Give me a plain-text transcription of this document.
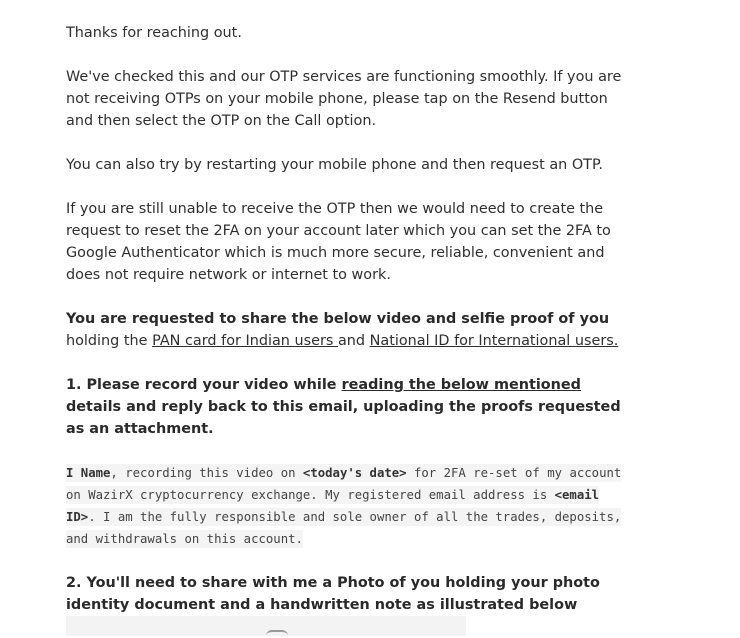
Thanks for reaching out.

We've checked this and our OTP services are functioning smoothly. If you are not receiving OTPs on your mobile phone, please tap on the Resend button and then select the OTP on the Call option.

You can also try by restarting your mobile phone and then request an OTP.

If you are still unable to receive the OTP then we would need to create the request to reset the 2FA on your account later which you can set the 2FA to Google Authenticator which is much more secure, reliable, convenient and does not require network or internet to work.

You are requested to share the below video and selfie proof of you holding the PAN card for Indian users and National ID for International users.

1. Please record your video while reading the below mentioned details and reply back to this email, uploading the proofs requested as an attachment.

I Name, recording this video on <today's date> for 2FA re-set of my account
on WazirX cryptocurrency exchange. My registered email address is <email
ID>. I am the fully responsible and sole owner of all the trades, deposits,
and withdrawals on this account.

2. You'll need to share with me a Photo of you holding your photo identity document and a handwritten note as illustrated below
